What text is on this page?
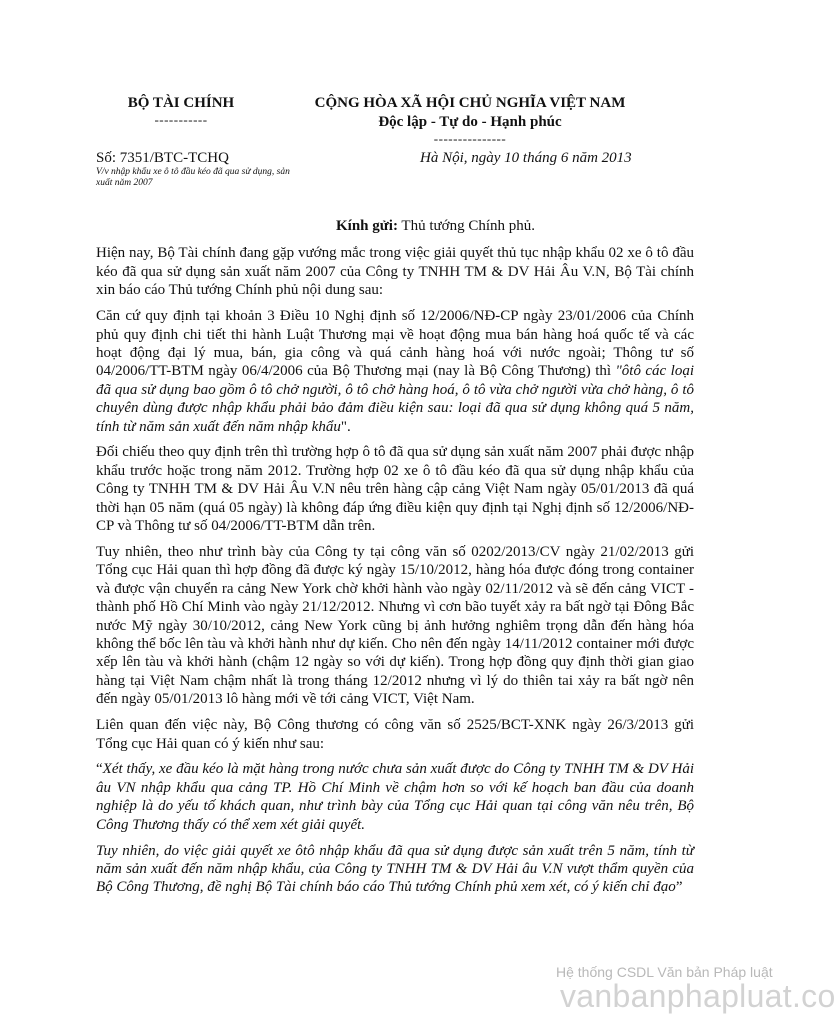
BỘ TÀI CHÍNH
-----------
CỘNG HÒA XÃ HỘI CHỦ NGHĨA VIỆT NAM
Độc lập - Tự do - Hạnh phúc
---------------
Số: 7351/BTC-TCHQ
V/v nhập khẩu xe ô tô đầu kéo đã qua sử dụng, sản xuất năm 2007
Hà Nội, ngày 10 tháng 6 năm 2013

Kính gửi: Thủ tướng Chính phủ.

Hiện nay, Bộ Tài chính đang gặp vướng mắc trong việc giải quyết thủ tục nhập khẩu 02 xe ô tô đầu kéo đã qua sử dụng sản xuất năm 2007 của Công ty TNHH TM & DV Hải Âu V.N, Bộ Tài chính xin báo cáo Thủ tướng Chính phủ nội dung sau:

Căn cứ quy định tại khoản 3 Điều 10 Nghị định số 12/2006/NĐ-CP ngày 23/01/2006 của Chính phủ quy định chi tiết thi hành Luật Thương mại về hoạt động mua bán hàng hoá quốc tế và các hoạt động đại lý mua, bán, gia công và quá cảnh hàng hoá với nước ngoài; Thông tư số 04/2006/TT-BTM ngày 06/4/2006 của Bộ Thương mại (nay là Bộ Công Thương) thì "ôtô các loại đã qua sử dụng bao gồm ô tô chở người, ô tô chở hàng hoá, ô tô vừa chở người vừa chở hàng, ô tô chuyên dùng được nhập khẩu phải bảo đảm điều kiện sau: loại đã qua sử dụng không quá 5 năm, tính từ năm sản xuất đến năm nhập khẩu".

Đối chiếu theo quy định trên thì trường hợp ô tô đã qua sử dụng sản xuất năm 2007 phải được nhập khẩu trước hoặc trong năm 2012. Trường hợp 02 xe ô tô đầu kéo đã qua sử dụng nhập khẩu của Công ty TNHH TM & DV Hải Âu V.N nêu trên hàng cập cảng Việt Nam ngày 05/01/2013 đã quá thời hạn 05 năm (quá 05 ngày) là không đáp ứng điều kiện quy định tại Nghị định số 12/2006/NĐ-CP và Thông tư số 04/2006/TT-BTM dẫn trên.

Tuy nhiên, theo như trình bày của Công ty tại công văn số 0202/2013/CV ngày 21/02/2013 gửi Tổng cục Hải quan thì hợp đồng đã được ký ngày 15/10/2012, hàng hóa được đóng trong container và được vận chuyển ra cảng New York chờ khởi hành vào ngày 02/11/2012 và sẽ đến cảng VICT - thành phố Hồ Chí Minh vào ngày 21/12/2012. Nhưng vì cơn bão tuyết xảy ra bất ngờ tại Đông Bắc nước Mỹ ngày 30/10/2012, cảng New York cũng bị ảnh hưởng nghiêm trọng dẫn đến hàng hóa không thể bốc lên tàu và khởi hành như dự kiến. Cho nên đến ngày 14/11/2012 container mới được xếp lên tàu và khởi hành (chậm 12 ngày so với dự kiến). Trong hợp đồng quy định thời gian giao hàng tại Việt Nam chậm nhất là trong tháng 12/2012 nhưng vì lý do thiên tai xảy ra bất ngờ nên đến ngày 05/01/2013 lô hàng mới về tới cảng VICT, Việt Nam.

Liên quan đến việc này, Bộ Công thương có công văn số 2525/BCT-XNK ngày 26/3/2013 gửi Tổng cục Hải quan có ý kiến như sau:

“Xét thấy, xe đầu kéo là mặt hàng trong nước chưa sản xuất được do Công ty TNHH TM & DV Hải âu VN nhập khẩu qua cảng TP. Hồ Chí Minh về chậm hơn so với kế hoạch ban đầu của doanh nghiệp là do yếu tố khách quan, như trình bày của Tổng cục Hải quan tại công văn nêu trên, Bộ Công Thương thấy có thể xem xét giải quyết.

Tuy nhiên, do việc giải quyết xe ôtô nhập khẩu đã qua sử dụng được sản xuất trên 5 năm, tính từ năm sản xuất đến năm nhập khẩu, của Công ty TNHH TM & DV Hải âu V.N vượt thẩm quyền của Bộ Công Thương, đề nghị Bộ Tài chính báo cáo Thủ tướng Chính phủ xem xét, có ý kiến chỉ đạo”

Hệ thống CSDL Văn bản Pháp luật
vanbanphapluat.co
